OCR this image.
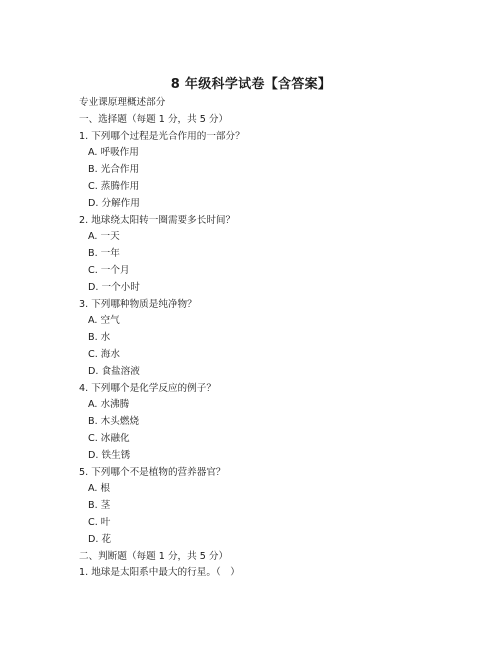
8 年级科学试卷【含答案】
专业课原理概述部分
一、选择题（每题 1 分，共 5 分）
1. 下列哪个过程是光合作用的一部分？
A. 呼吸作用
B. 光合作用
C. 蒸腾作用
D. 分解作用
2. 地球绕太阳转一圈需要多长时间？
A. 一天
B. 一年
C. 一个月
D. 一个小时
3. 下列哪种物质是纯净物？
A. 空气
B. 水
C. 海水
D. 食盐溶液
4. 下列哪个是化学反应的例子？
A. 水沸腾
B. 木头燃烧
C. 冰融化
D. 铁生锈
5. 下列哪个不是植物的营养器官？
A. 根
B. 茎
C. 叶
D. 花
二、判断题（每题 1 分，共 5 分）
1. 地球是太阳系中最大的行星。（　）
